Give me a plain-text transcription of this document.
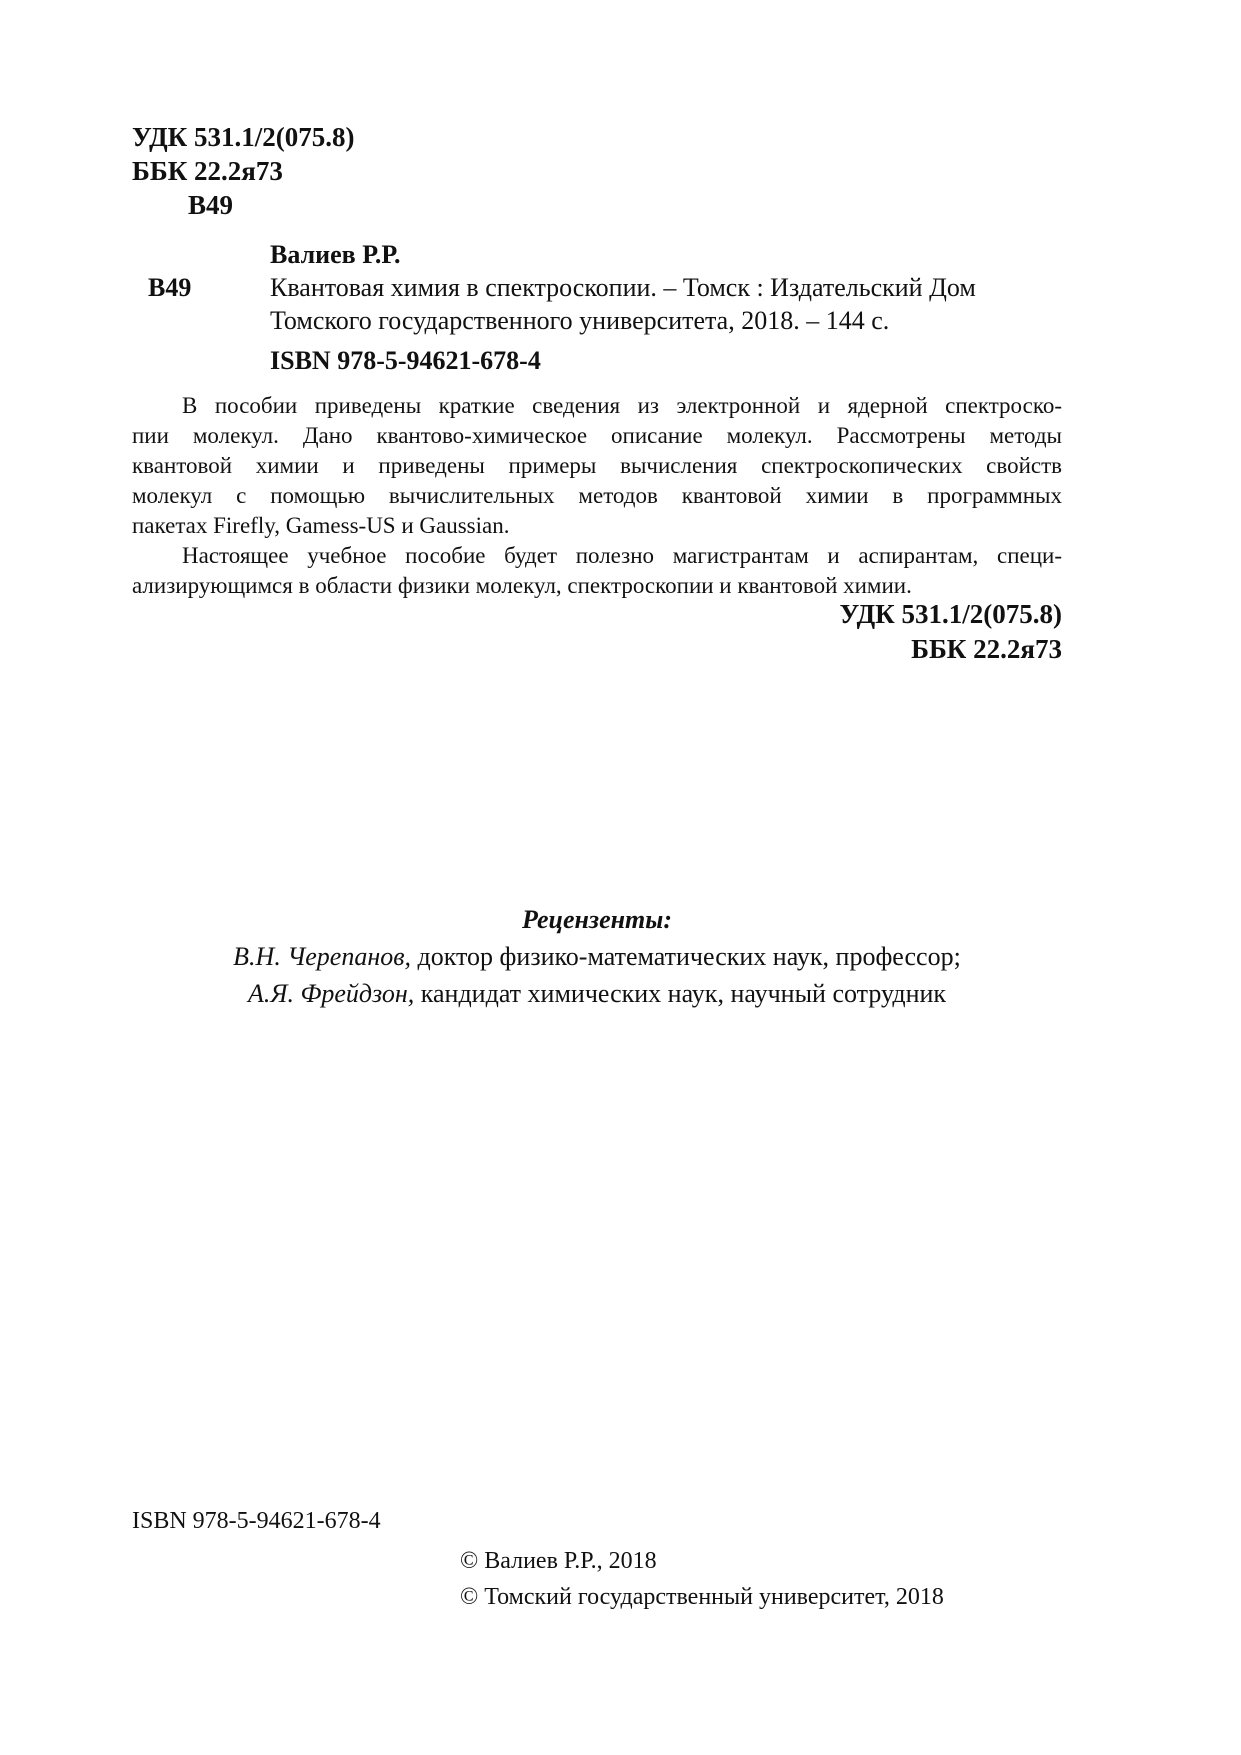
УДК 531.1/2(075.8)
ББК 22.2я73
В49
Валиев Р.Р.
В49	Квантовая химия в спектроскопии. – Томск : Издательский Дом
Томского государственного университета, 2018. – 144 с.
ISBN 978-5-94621-678-4
В пособии приведены краткие сведения из электронной и ядерной спектроско-
пии молекул. Дано квантово-химическое описание молекул. Рассмотрены методы
квантовой химии и приведены примеры вычисления спектроскопических свойств
молекул с помощью вычислительных методов квантовой химии в программных
пакетах Firefly, Gamess-US и Gaussian.
Настоящее учебное пособие будет полезно магистрантам и аспирантам, специ-
ализирующимся в области физики молекул, спектроскопии и квантовой химии.
УДК 531.1/2(075.8)
ББК 22.2я73
Рецензенты:
В.Н. Черепанов, доктор физико-математических наук, профессор;
А.Я. Фрейдзон, кандидат химических наук, научный сотрудник
ISBN 978-5-94621-678-4
© Валиев Р.Р., 2018
© Томский государственный университет, 2018
